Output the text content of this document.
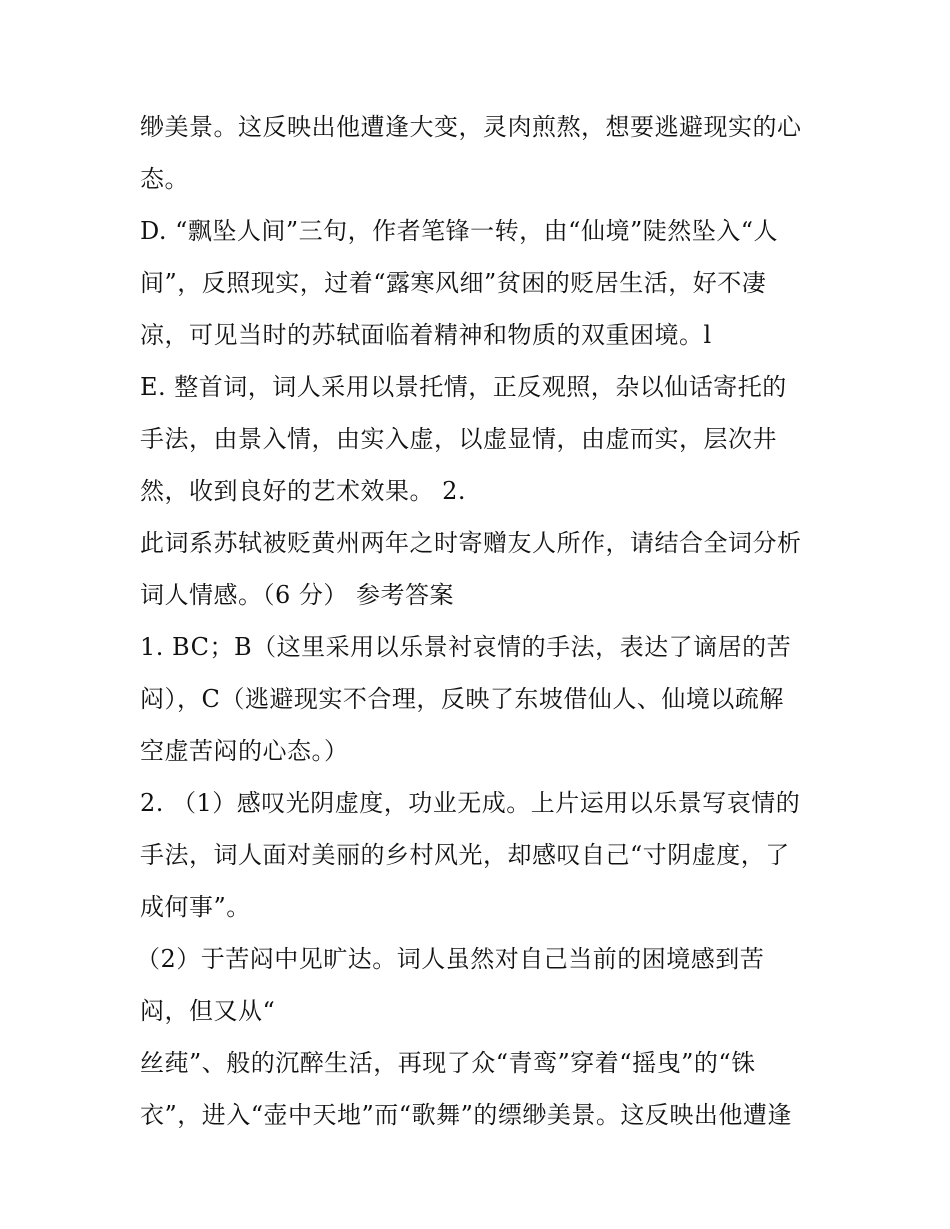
缈美景。这反映出他遭逢大变，灵肉煎熬，想要逃避现实的心
态。
D. “飘坠人间”三句，作者笔锋一转，由“仙境”陡然坠入“人
间”，反照现实，过着“露寒风细”贫困的贬居生活，好不凄
凉，可见当时的苏轼面临着精神和物质的双重困境。l
E. 整首词，词人采用以景托情，正反观照，杂以仙话寄托的
手法，由景入情，由实入虚，以虚显情，由虚而实，层次井
然，收到良好的艺术效果。 2.
此词系苏轼被贬黄州两年之时寄赠友人所作，请结合全词分析
词人情感。（6 分） 参考答案
1. BC；B（这里采用以乐景衬哀情的手法，表达了谪居的苦
闷），C（逃避现实不合理，反映了东坡借仙人、仙境以疏解
空虚苦闷的心态。）
2. （1）感叹光阴虚度，功业无成。上片运用以乐景写哀情的
手法，词人面对美丽的乡村风光，却感叹自己“寸阴虚度，了
成何事”。
（2）于苦闷中见旷达。词人虽然对自己当前的困境感到苦
闷，但又从“
丝莼”、般的沉醉生活，再现了众“青鸾”穿着“摇曳”的“铢
衣”，进入“壶中天地”而“歌舞”的缥缈美景。这反映出他遭逢
